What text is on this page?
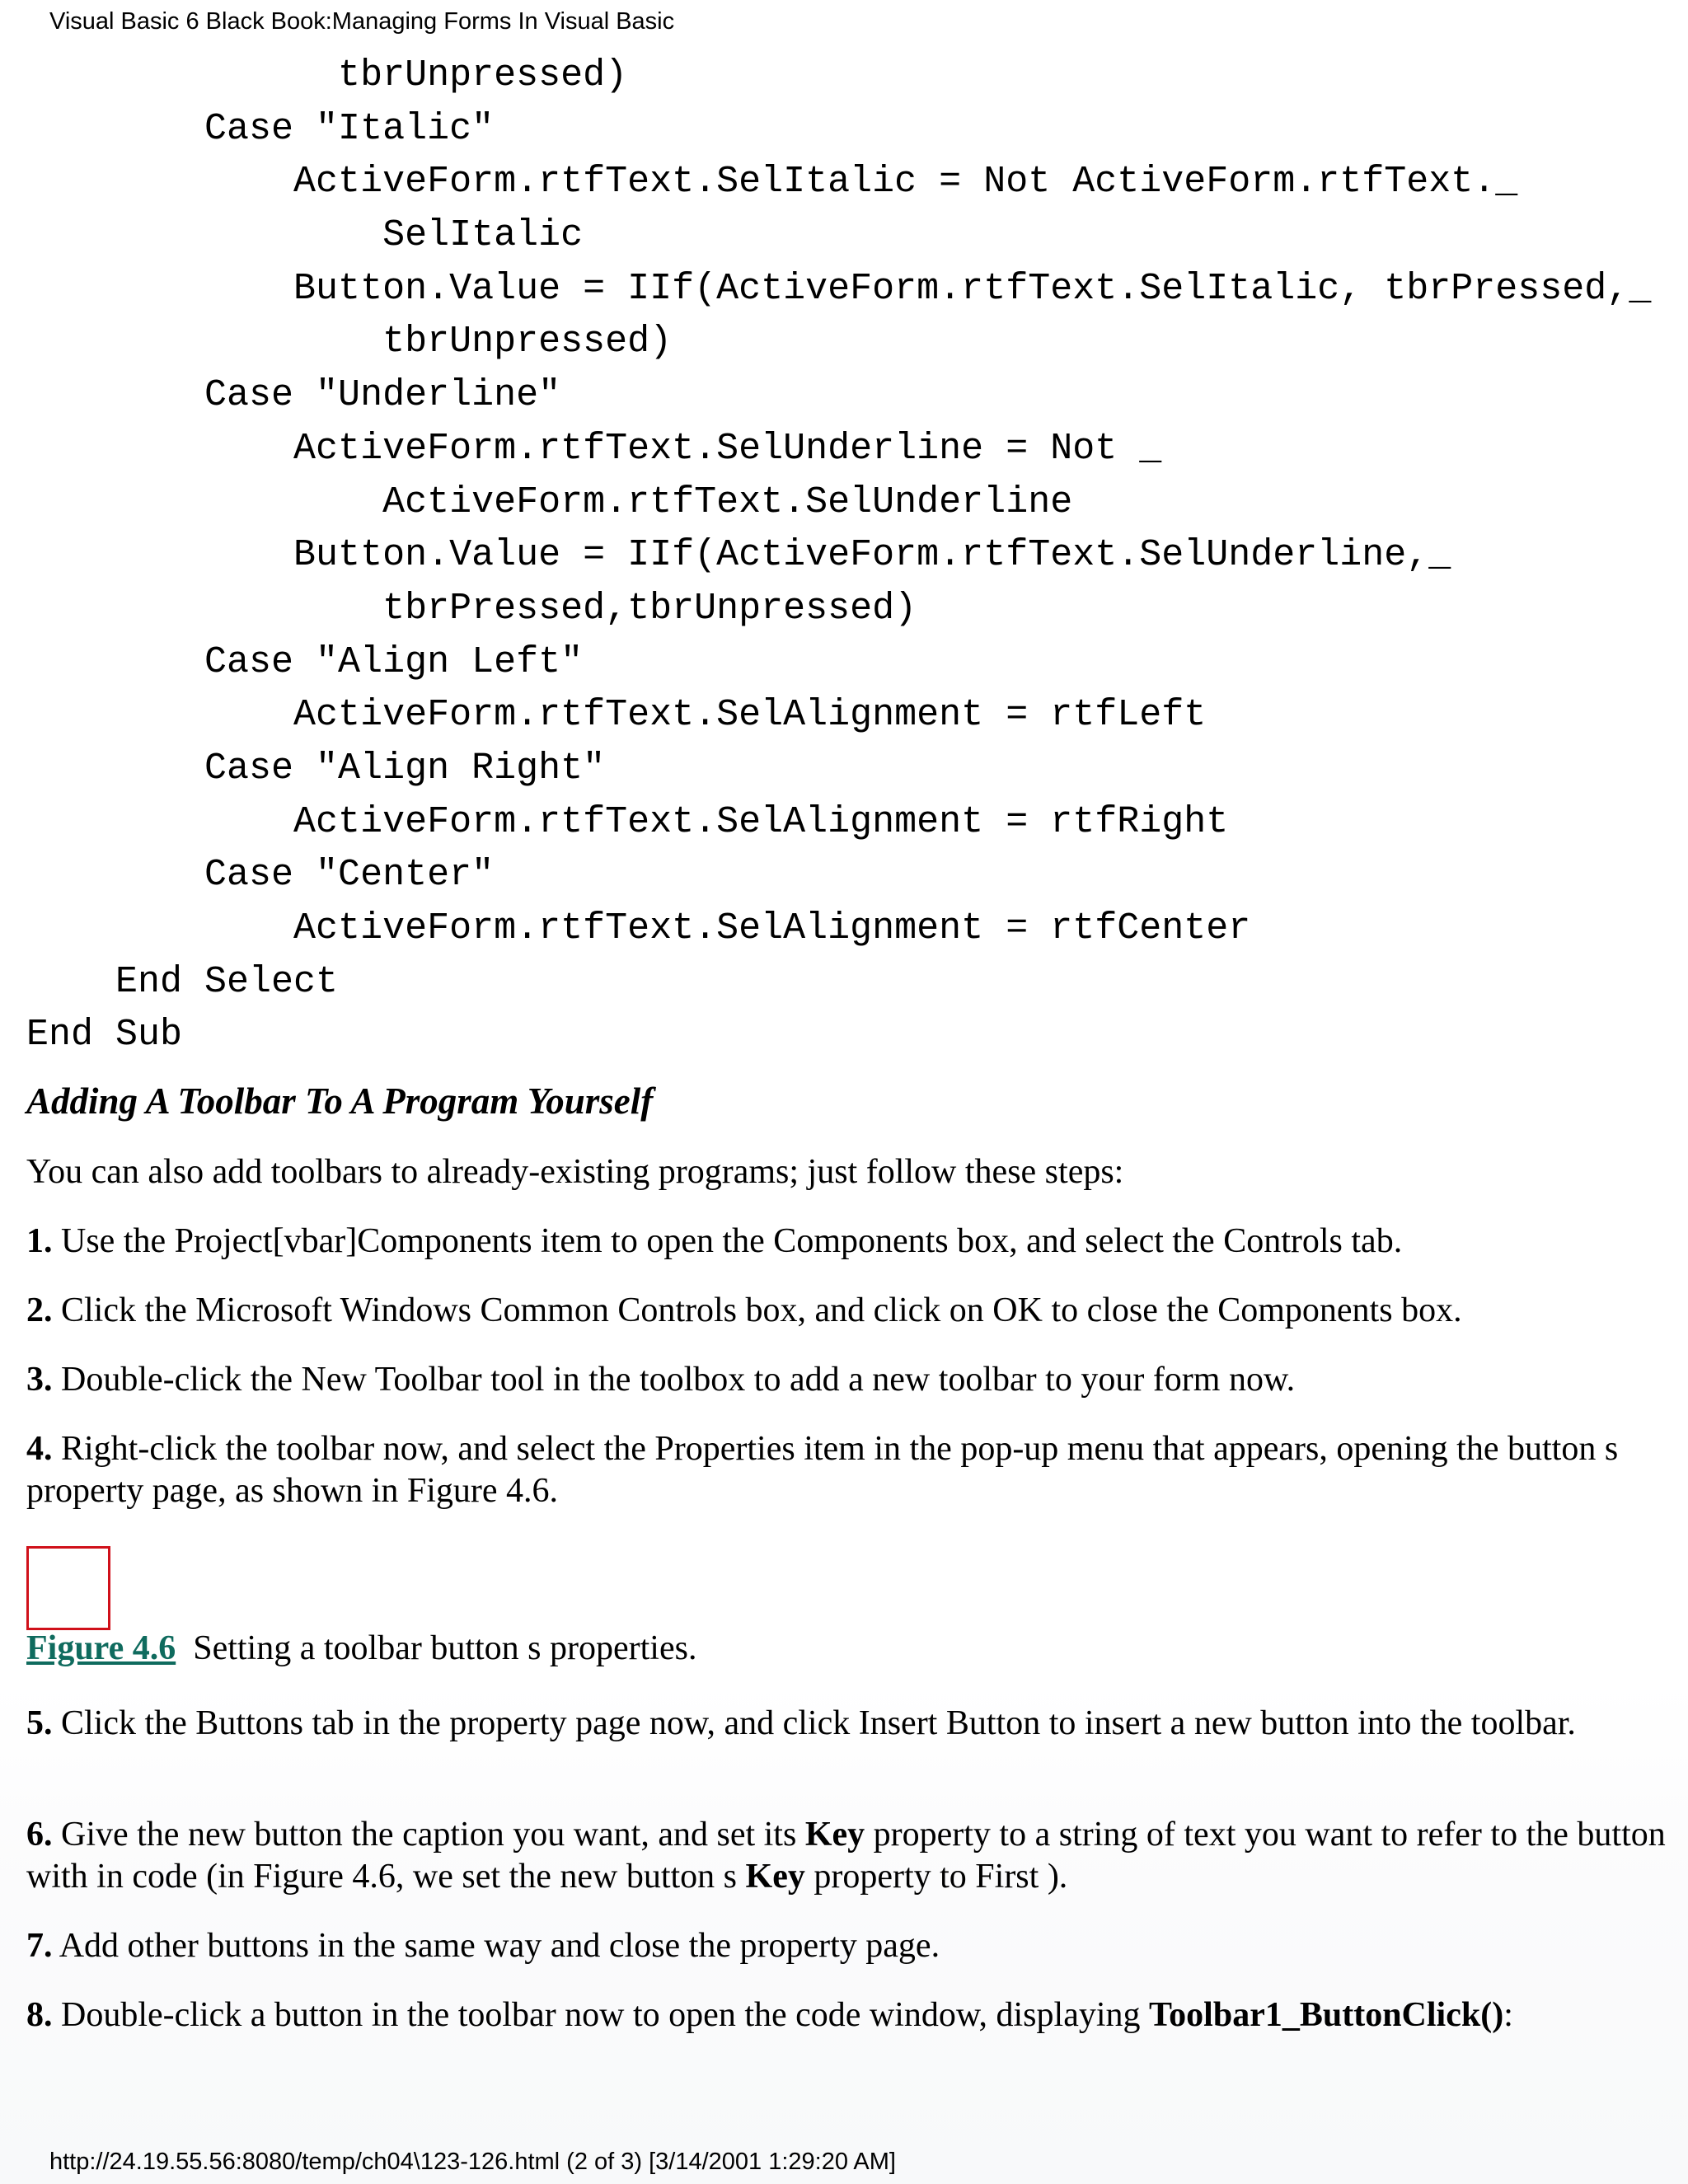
Visual Basic 6 Black Book:Managing Forms In Visual Basic
tbrUnpressed)
Case "Italic"
ActiveForm.rtfText.SelItalic = Not ActiveForm.rtfText._
SelItalic
Button.Value = IIf(ActiveForm.rtfText.SelItalic, tbrPressed,_
tbrUnpressed)
Case "Underline"
ActiveForm.rtfText.SelUnderline = Not _
ActiveForm.rtfText.SelUnderline
Button.Value = IIf(ActiveForm.rtfText.SelUnderline,_
tbrPressed,tbrUnpressed)
Case "Align Left"
ActiveForm.rtfText.SelAlignment = rtfLeft
Case "Align Right"
ActiveForm.rtfText.SelAlignment = rtfRight
Case "Center"
ActiveForm.rtfText.SelAlignment = rtfCenter
End Select
End Sub
Adding A Toolbar To A Program Yourself
You can also add toolbars to already-existing programs; just follow these steps:
1. Use the Project[vbar]Components item to open the Components box, and select the Controls tab.
2. Click the Microsoft Windows Common Controls box, and click on OK to close the Components box.
3. Double-click the New Toolbar tool in the toolbox to add a new toolbar to your form now.
4. Right-click the toolbar now, and select the Properties item in the pop-up menu that appears, opening the button s property page, as shown in Figure 4.6.
Figure 4.6 Setting a toolbar button s properties.
5. Click the Buttons tab in the property page now, and click Insert Button to insert a new button into the toolbar.
6. Give the new button the caption you want, and set its Key property to a string of text you want to refer to the button with in code (in Figure 4.6, we set the new button s Key property to First ).
7. Add other buttons in the same way and close the property page.
8. Double-click a button in the toolbar now to open the code window, displaying Toolbar1_ButtonClick():
http://24.19.55.56:8080/temp/ch04\123-126.html (2 of 3) [3/14/2001 1:29:20 AM]
